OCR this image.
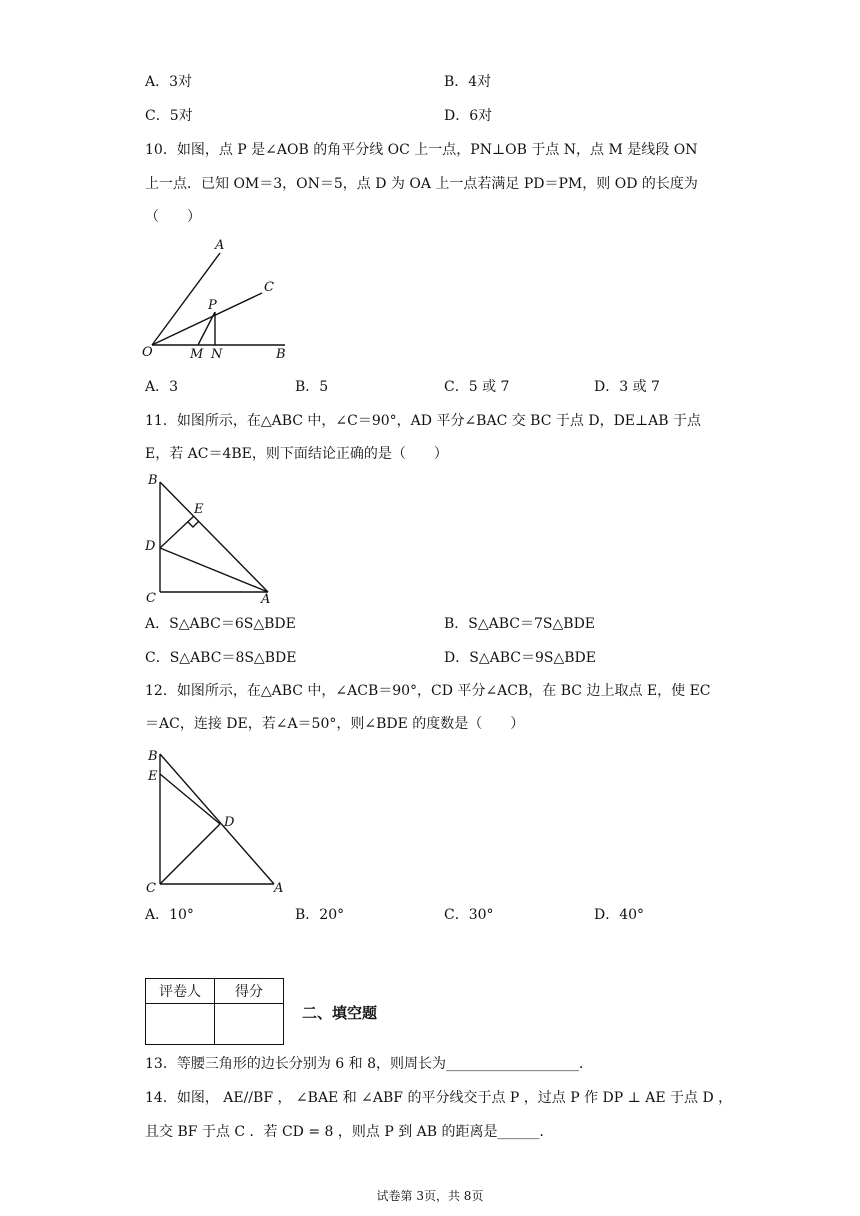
A．3对	B．4对
C．5对	D．6对
10．如图，点 P 是∠AOB 的角平分线 OC 上一点，PN⊥OB 于点 N，点 M 是线段 ON
上一点．已知 OM＝3，ON＝5，点 D 为 OA 上一点若满足 PD＝PM，则 OD 的长度为
（　　）
A
C
P
O	M N	B
A．3	B．5	C．5 或 7	D．3 或 7
11．如图所示，在△ABC 中，∠C＝90°，AD 平分∠BAC 交 BC 于点 D，DE⊥AB 于点
E，若 AC＝4BE，则下面结论正确的是（　　）
B
E
D
C	A
A．S△ABC＝6S△BDE	B．S△ABC＝7S△BDE
C．S△ABC＝8S△BDE	D．S△ABC＝9S△BDE
12．如图所示，在△ABC 中，∠ACB＝90°，CD 平分∠ACB，在 BC 边上取点 E，使 EC
＝AC，连接 DE，若∠A＝50°，则∠BDE 的度数是（　　）
B
E
D
C	A
A．10°	B．20°	C．30°	D．40°
评卷人	得分

二、填空题
13．等腰三角形的边长分别为 6 和 8，则周长为___________________．
14．如图， AE//BF ， ∠BAE 和 ∠ABF 的平分线交于点 P ，过点 P 作 DP ⊥ AE 于点 D ，
且交 BF 于点 C ．若 CD = 8 ，则点 P 到 AB 的距离是______．
试卷第 3页，共 8页
